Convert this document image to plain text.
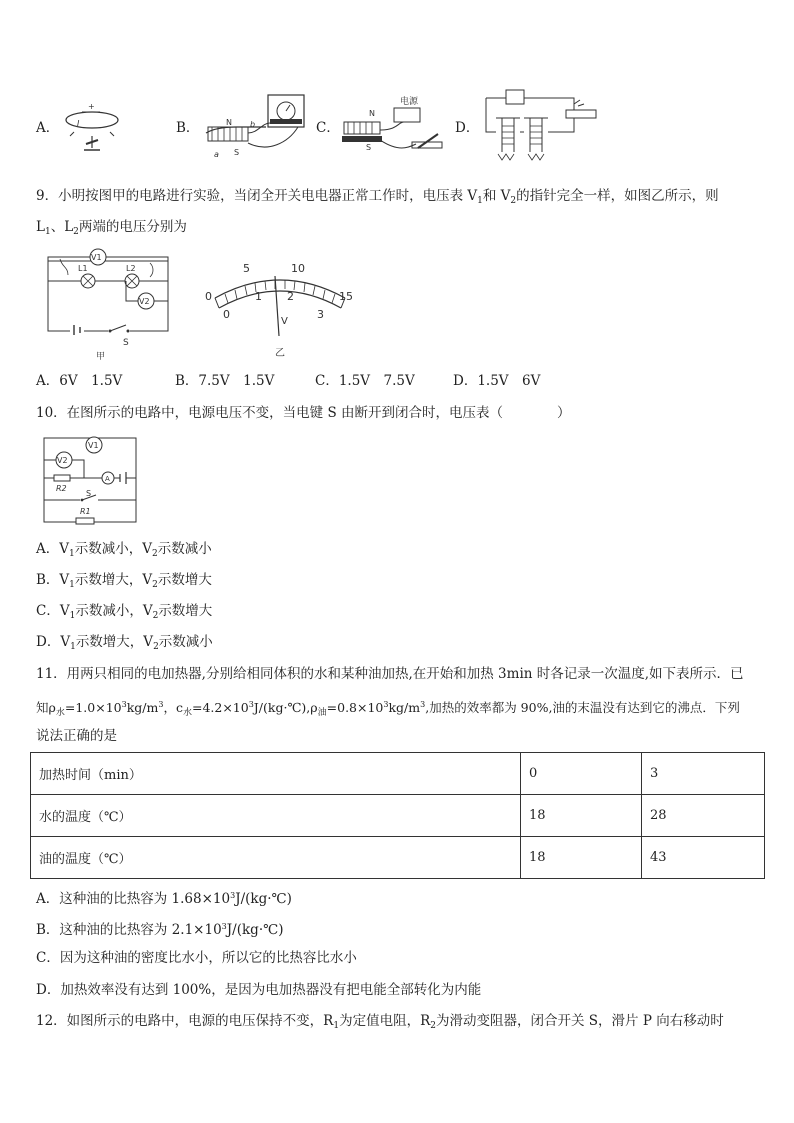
A．
+
I	B．	N
S
a
b	C．
电源
N
S
D．
9．小明按图甲的电路进行实验，当闭全开关电电器正常工作时，电压表 $V_1$和 $V_2$的指针完全一样，如图乙所示，则
$L_1$、$L_2$两端的电压分别为
V1
L1	L2
V2
S
甲
0
5	10
15
0
1 2
3
V
乙
A．6V　1.5V	B．7.5V　1.5V	C．1.5V　7.5V	D．1.5V　6V
10．在图所示的电路中，电源电压不变，当电键 S 由断开到闭合时，电压表（　　　　）
V1
V2
R2
A
S
R1
A．$V_1$示数减小，$V_2$示数减小
B．$V_1$示数增大，$V_2$示数增大
C．$V_1$示数减小，$V_2$示数增大
D．$V_1$示数增大，$V_2$示数减小
11．用两只相同的电加热器,分别给相同体积的水和某种油加热,在开始和加热 3min 时各记录一次温度,如下表所示．已
知$\rho_水=1.0\times 10^3kg/m^3$，$c_水=4.2\times 10^3J/(kg\cdot℃),\rho_油=0.8\times 10^3kg/m^3$,加热的效率都为 90%,油的末温没有达到它的沸点．下列
说法正确的是
加热时间（min）	0	3
水的温度（℃）	18	28
油的温度（℃）	18	43
A．这种油的比热容为 $1.68\times 10^3J/(kg\cdot℃)$
B．这种油的比热容为 $2.1\times 10^3J/(kg\cdot℃)$
C．因为这种油的密度比水小，所以它的比热容比水小
D．加热效率没有达到 100%，是因为电加热器没有把电能全部转化为内能
12．如图所示的电路中，电源的电压保持不变，$R_1$为定值电阻，$R_2$为滑动变阻器，闭合开关 S，滑片 P 向右移动时
